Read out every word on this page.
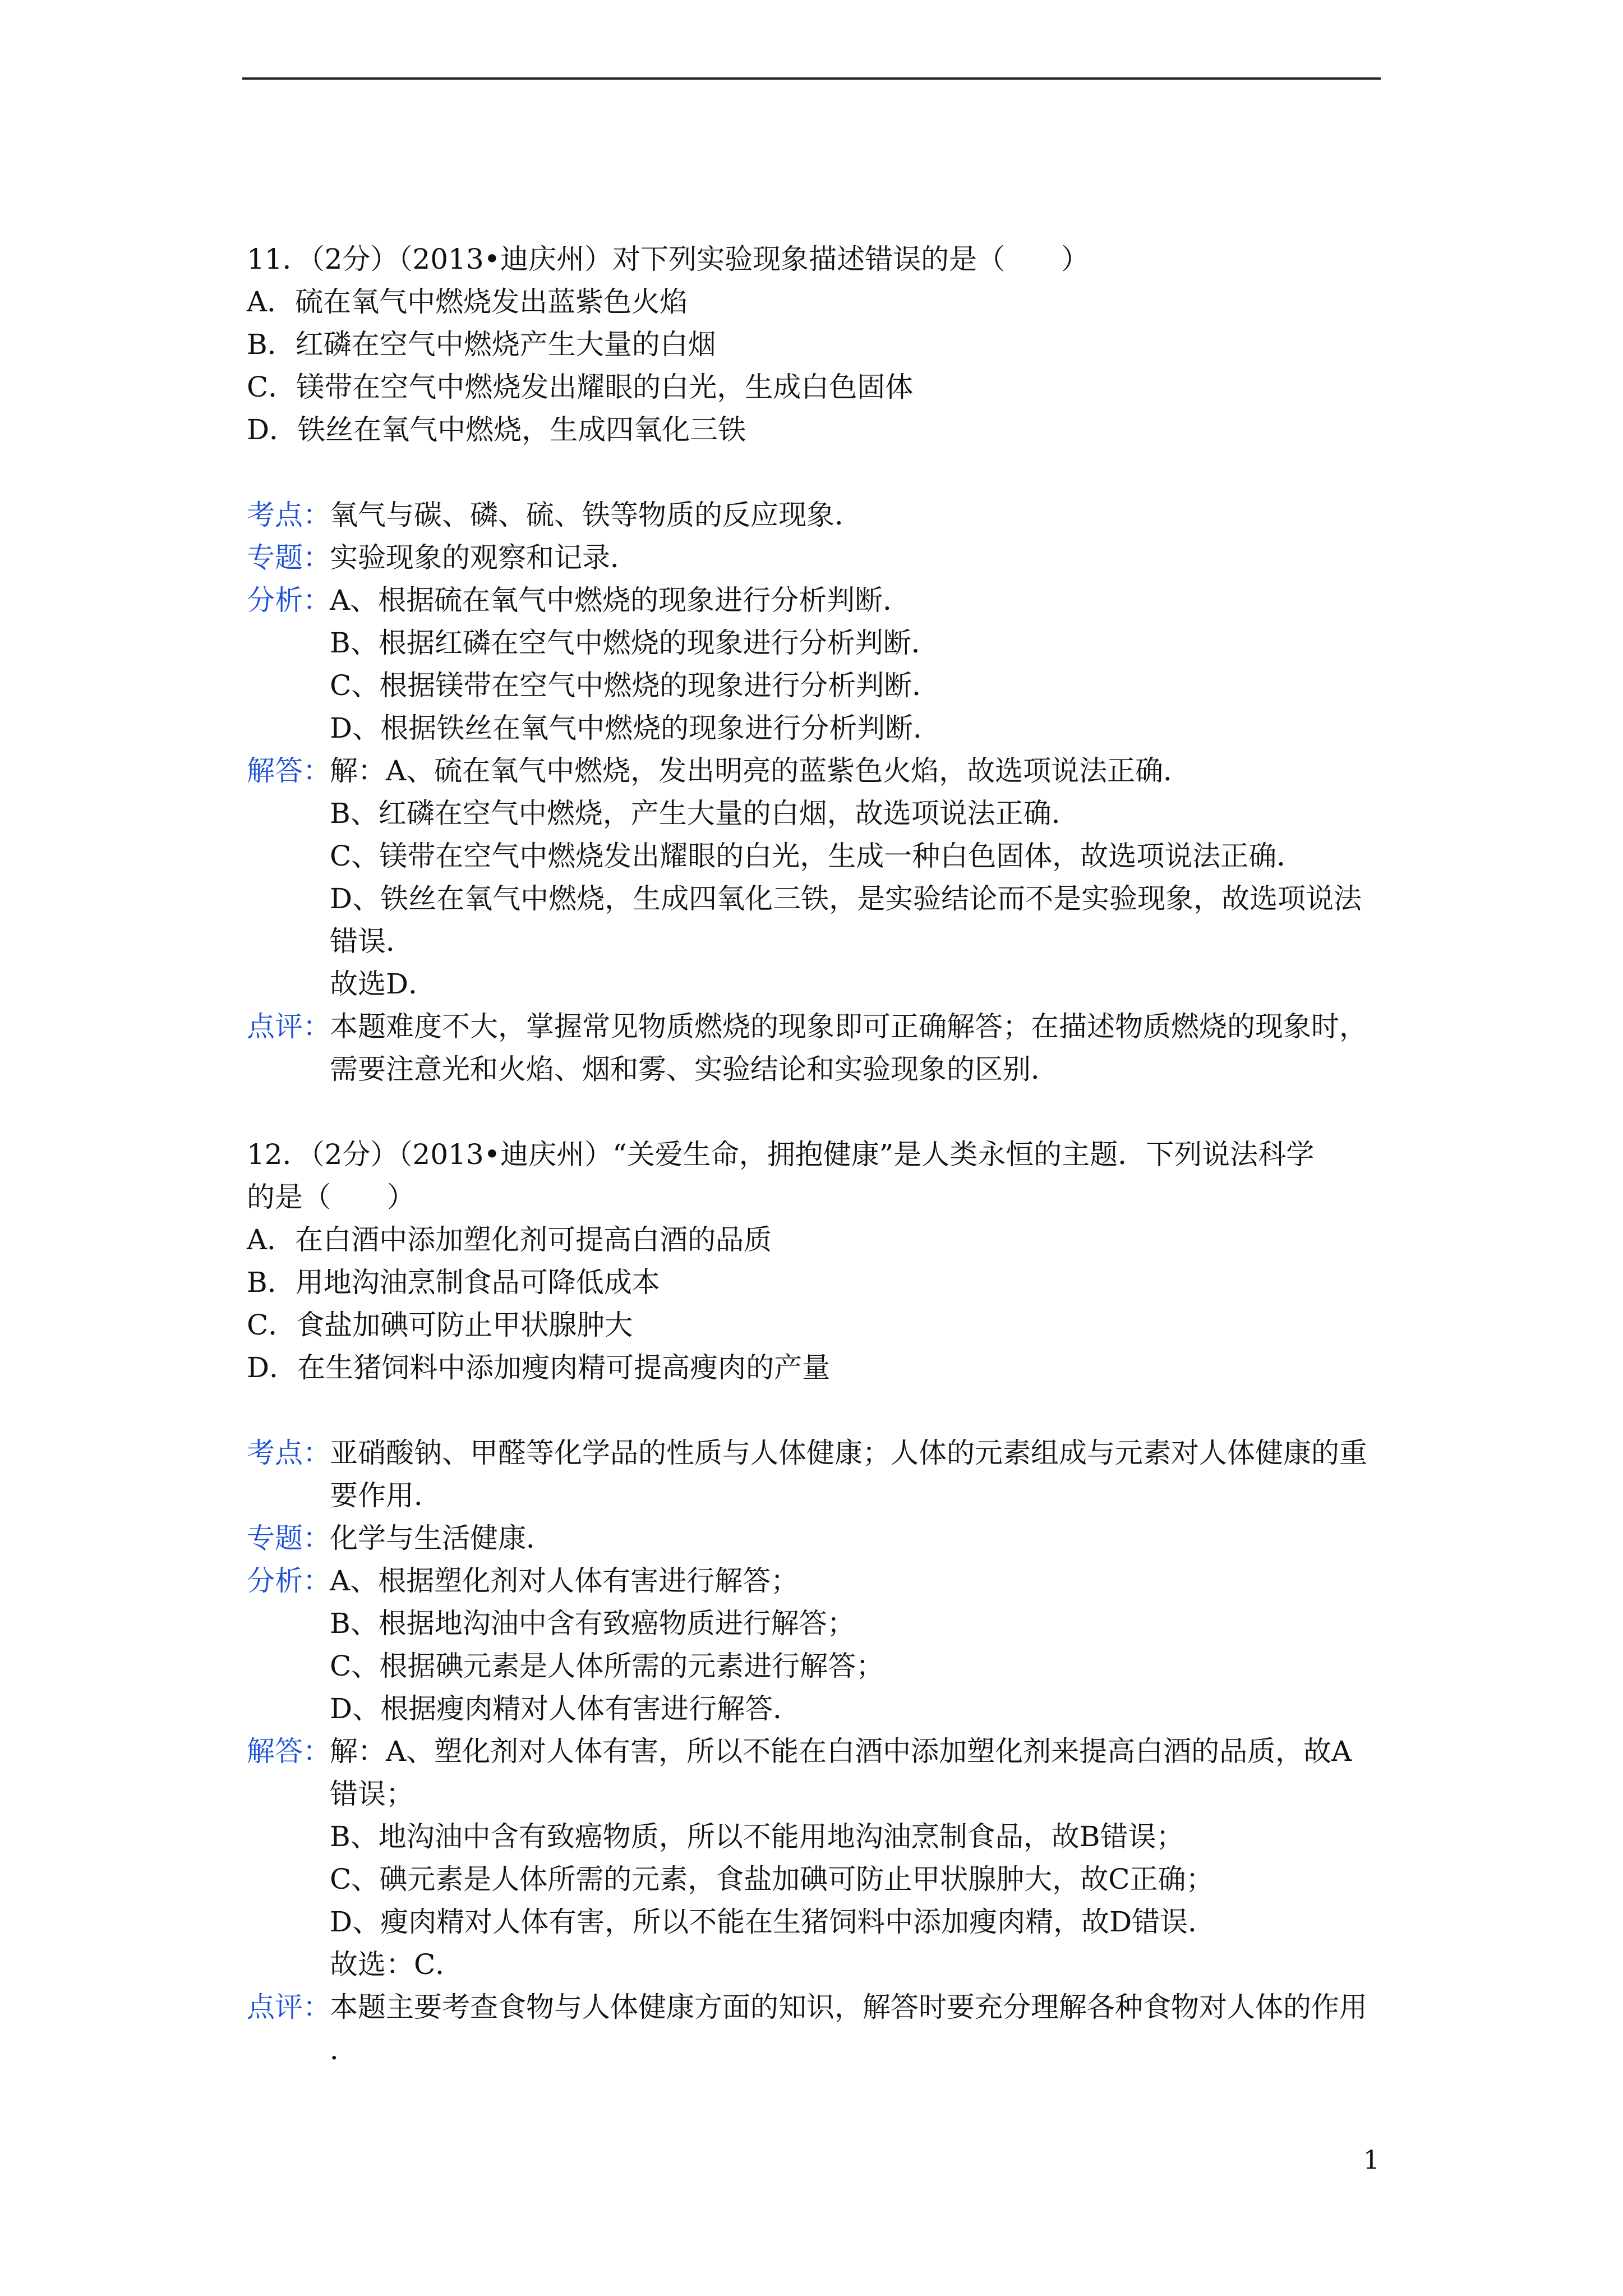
11．（2分）（2013•迪庆州）对下列实验现象描述错误的是（　　）
A．硫在氧气中燃烧发出蓝紫色火焰
B．红磷在空气中燃烧产生大量的白烟
C．镁带在空气中燃烧发出耀眼的白光，生成白色固体
D．铁丝在氧气中燃烧，生成四氧化三铁
考点：
氧气与碳、磷、硫、铁等物质的反应现象．
专题：
实验现象的观察和记录．
分析：
A、根据硫在氧气中燃烧的现象进行分析判断．
B、根据红磷在空气中燃烧的现象进行分析判断．
C、根据镁带在空气中燃烧的现象进行分析判断．
D、根据铁丝在氧气中燃烧的现象进行分析判断．
解答：
解：A、硫在氧气中燃烧，发出明亮的蓝紫色火焰，故选项说法正确．
B、红磷在空气中燃烧，产生大量的白烟，故选项说法正确．
C、镁带在空气中燃烧发出耀眼的白光，生成一种白色固体，故选项说法正确．
D、铁丝在氧气中燃烧，生成四氧化三铁，是实验结论而不是实验现象，故选项说法
错误．
故选D．
点评：
本题难度不大，掌握常见物质燃烧的现象即可正确解答；在描述物质燃烧的现象时，
需要注意光和火焰、烟和雾、实验结论和实验现象的区别．
12．（2分）（2013•迪庆州）“关爱生命，拥抱健康”是人类永恒的主题．下列说法科学
的是（　　）
A．在白酒中添加塑化剂可提高白酒的品质
B．用地沟油烹制食品可降低成本
C．食盐加碘可防止甲状腺肿大
D．在生猪饲料中添加瘦肉精可提高瘦肉的产量
考点：
亚硝酸钠、甲醛等化学品的性质与人体健康；人体的元素组成与元素对人体健康的重
要作用．
专题：
化学与生活健康．
分析：
A、根据塑化剂对人体有害进行解答；
B、根据地沟油中含有致癌物质进行解答；
C、根据碘元素是人体所需的元素进行解答；
D、根据瘦肉精对人体有害进行解答．
解答：
解：A、塑化剂对人体有害，所以不能在白酒中添加塑化剂来提高白酒的品质，故A
错误；
B、地沟油中含有致癌物质，所以不能用地沟油烹制食品，故B错误；
C、碘元素是人体所需的元素，食盐加碘可防止甲状腺肿大，故C正确；
D、瘦肉精对人体有害，所以不能在生猪饲料中添加瘦肉精，故D错误．
故选：C．
点评：
本题主要考查食物与人体健康方面的知识，解答时要充分理解各种食物对人体的作用
．
1
